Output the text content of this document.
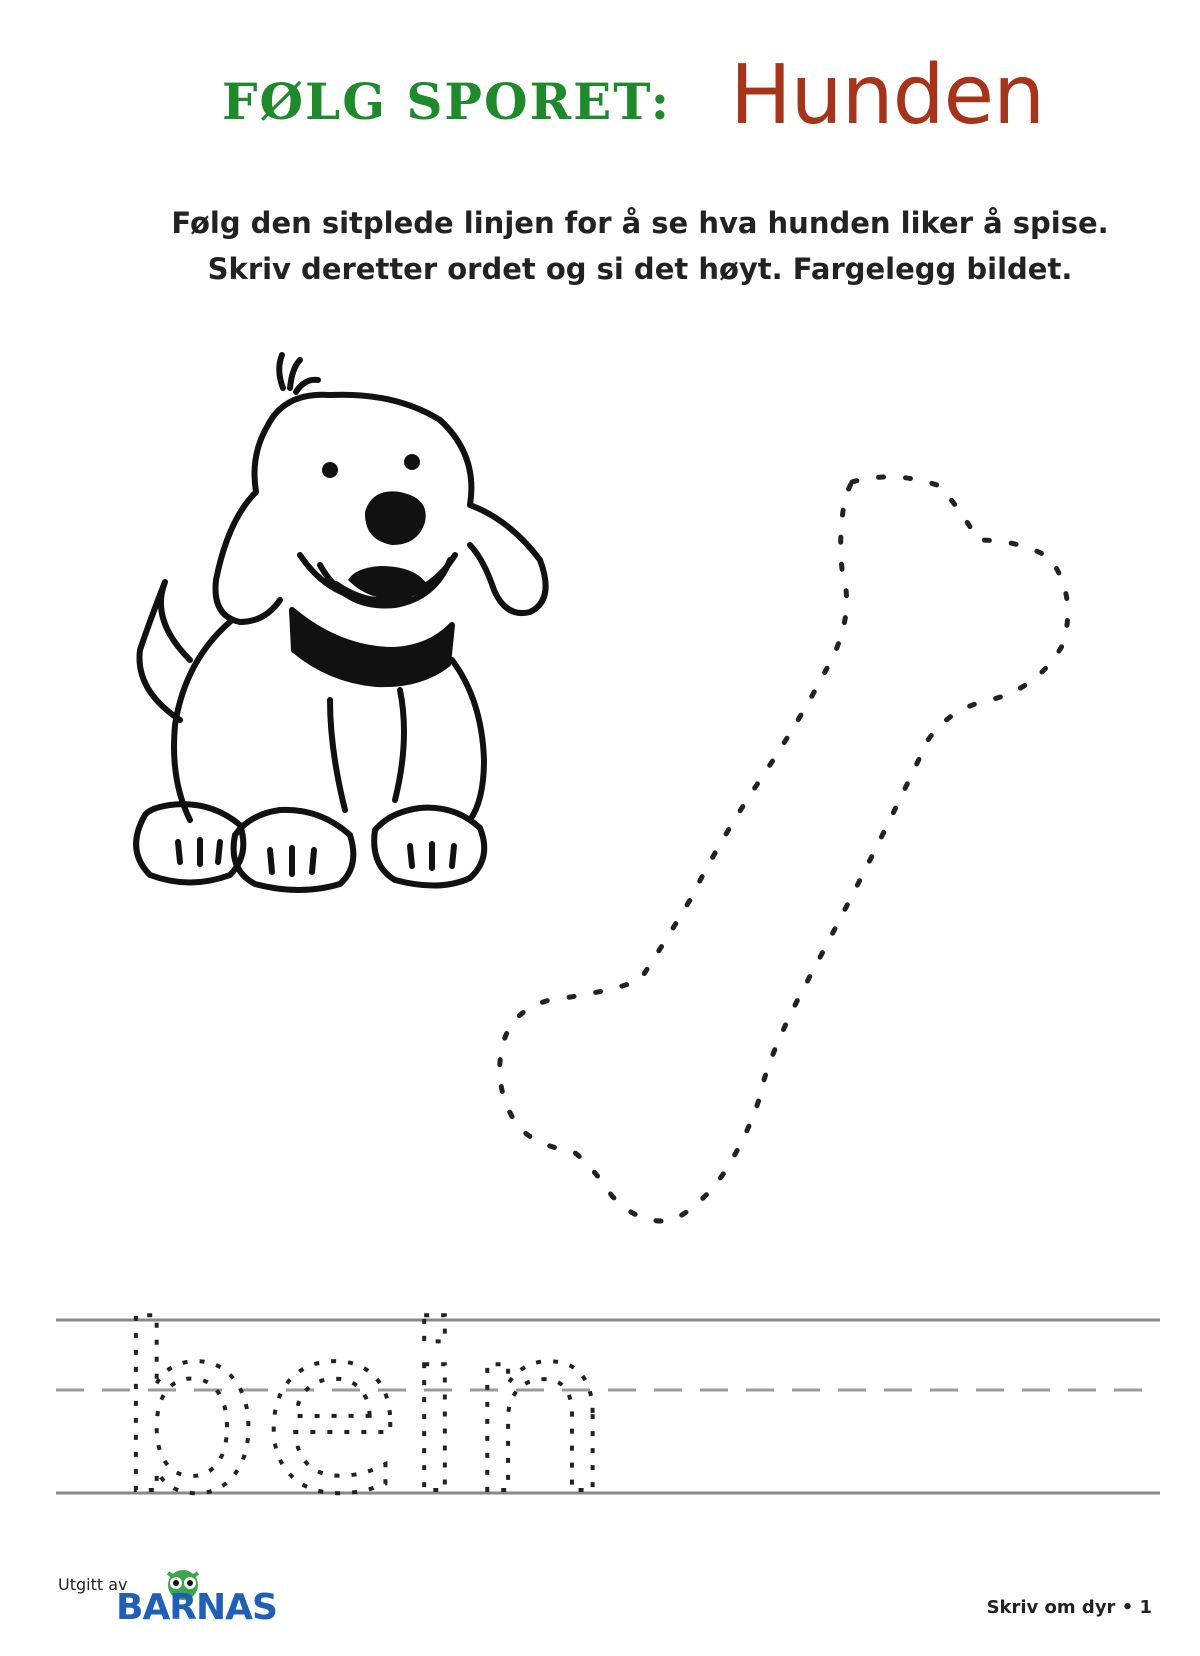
FØLG SPORET: Hunden
Følg den sitplede linjen for å se hva hunden liker å spise.
Skriv deretter ordet og si det høyt. Fargelegg bildet.
bein
Utgitt av
BARNAS	Skriv om dyr • 1
